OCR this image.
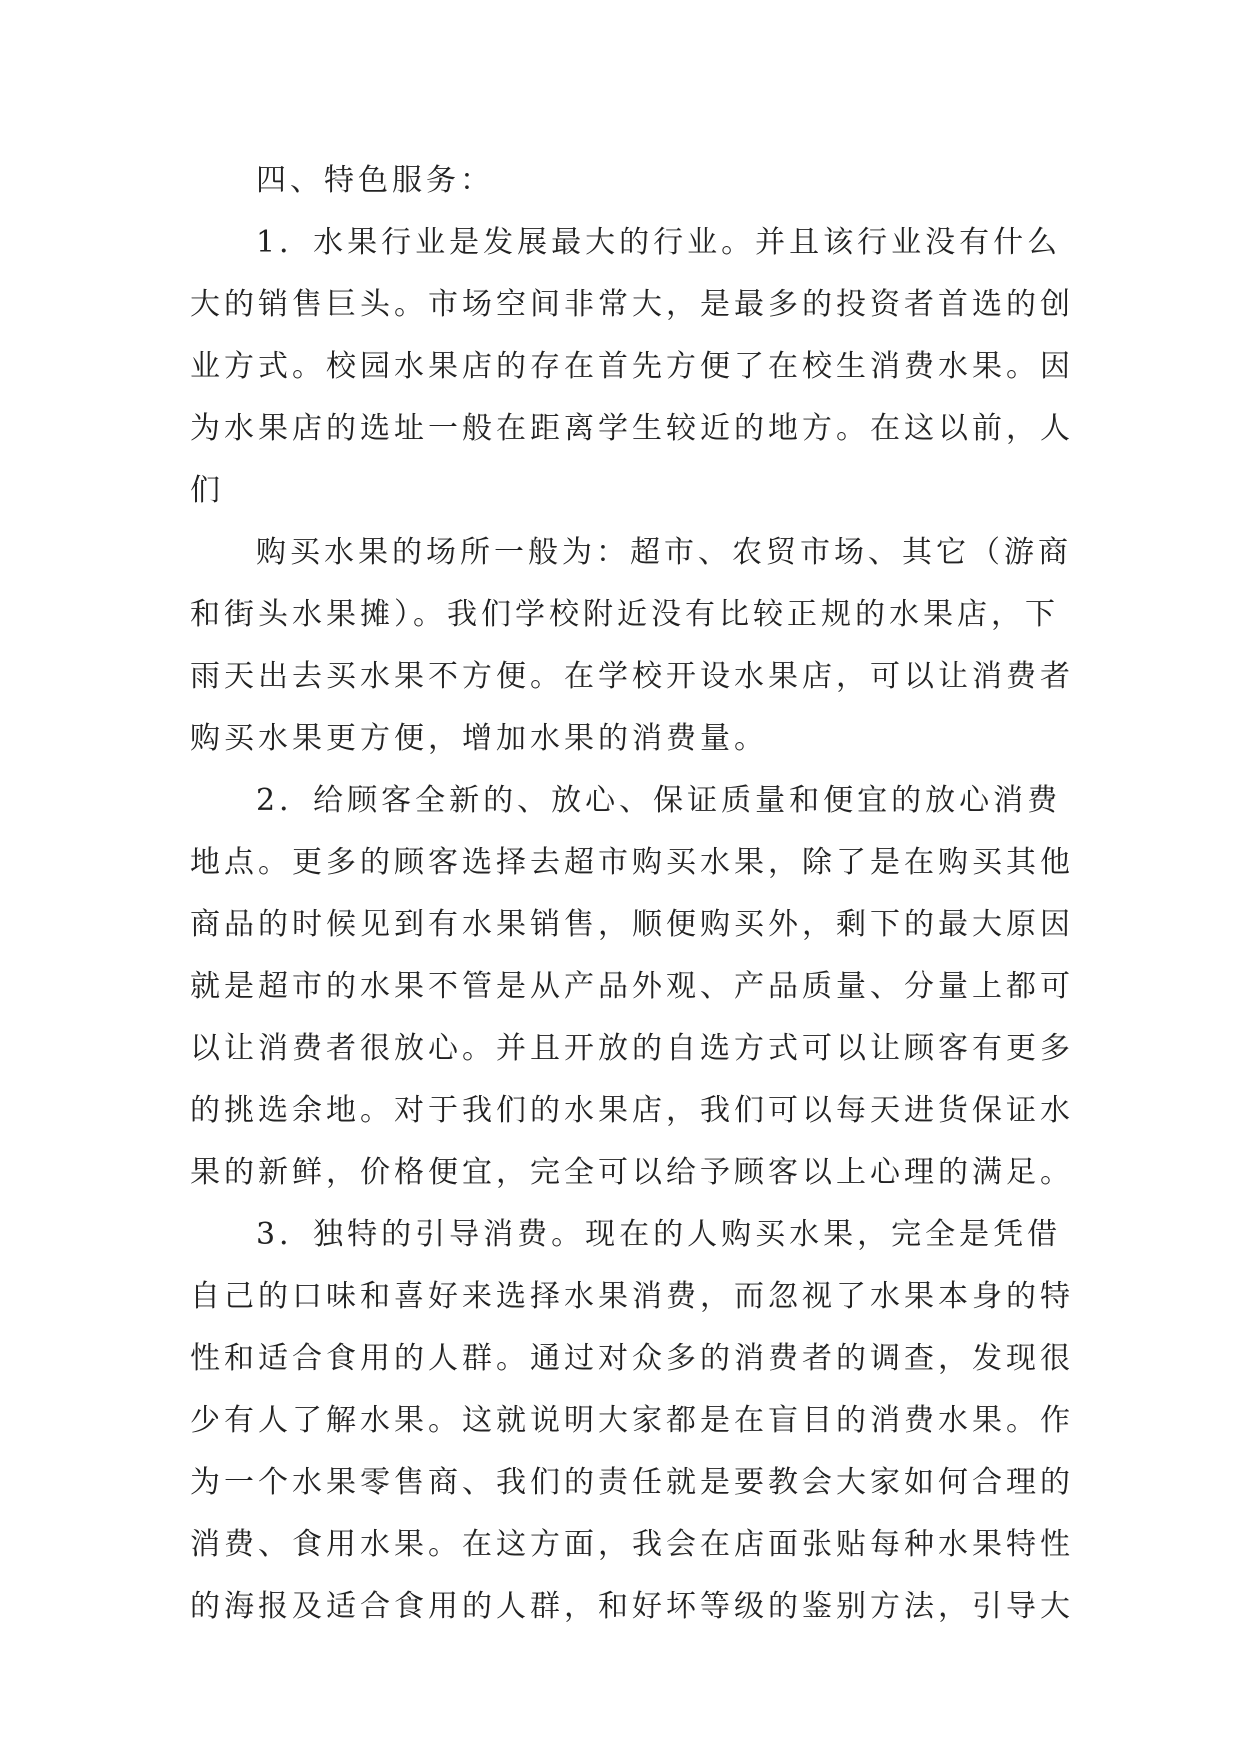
四、特色服务：
1．水果行业是发展最大的行业。并且该行业没有什么
大的销售巨头。市场空间非常大，是最多的投资者首选的创
业方式。校园水果店的存在首先方便了在校生消费水果。因
为水果店的选址一般在距离学生较近的地方。在这以前，人
们
购买水果的场所一般为：超市、农贸市场、其它（游商
和街头水果摊）。我们学校附近没有比较正规的水果店，下
雨天出去买水果不方便。在学校开设水果店，可以让消费者
购买水果更方便，增加水果的消费量。
2．给顾客全新的、放心、保证质量和便宜的放心消费
地点。更多的顾客选择去超市购买水果，除了是在购买其他
商品的时候见到有水果销售，顺便购买外，剩下的最大原因
就是超市的水果不管是从产品外观、产品质量、分量上都可
以让消费者很放心。并且开放的自选方式可以让顾客有更多
的挑选余地。对于我们的水果店，我们可以每天进货保证水
果的新鲜，价格便宜，完全可以给予顾客以上心理的满足。
3．独特的引导消费。现在的人购买水果，完全是凭借
自己的口味和喜好来选择水果消费，而忽视了水果本身的特
性和适合食用的人群。通过对众多的消费者的调查，发现很
少有人了解水果。这就说明大家都是在盲目的消费水果。作
为一个水果零售商、我们的责任就是要教会大家如何合理的
消费、食用水果。在这方面，我会在店面张贴每种水果特性
的海报及适合食用的人群，和好坏等级的鉴别方法，引导大
